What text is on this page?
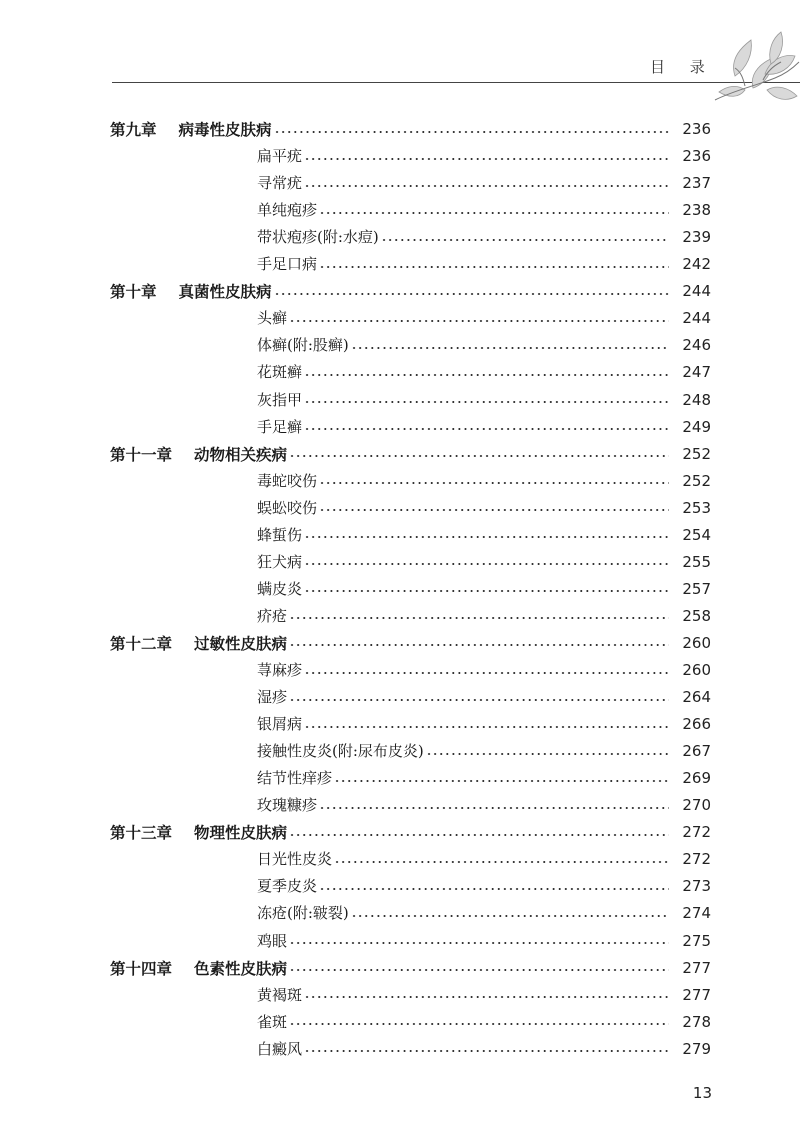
目 录
第九章 病毒性皮肤病	236
扁平疣	236
寻常疣	237
单纯疱疹	238
带状疱疹(附:水痘)	239
手足口病	242
第十章 真菌性皮肤病	244
头癣	244
体癣(附:股癣)	246
花斑癣	247
灰指甲	248
手足癣	249
第十一章 动物相关疾病	252
毒蛇咬伤	252
蜈蚣咬伤	253
蜂蜇伤	254
狂犬病	255
螨皮炎	257
疥疮	258
第十二章 过敏性皮肤病	260
荨麻疹	260
湿疹	264
银屑病	266
接触性皮炎(附:尿布皮炎)	267
结节性痒疹	269
玫瑰糠疹	270
第十三章 物理性皮肤病	272
日光性皮炎	272
夏季皮炎	273
冻疮(附:皲裂)	274
鸡眼	275
第十四章 色素性皮肤病	277
黄褐斑	277
雀斑	278
白癜风	279
13
